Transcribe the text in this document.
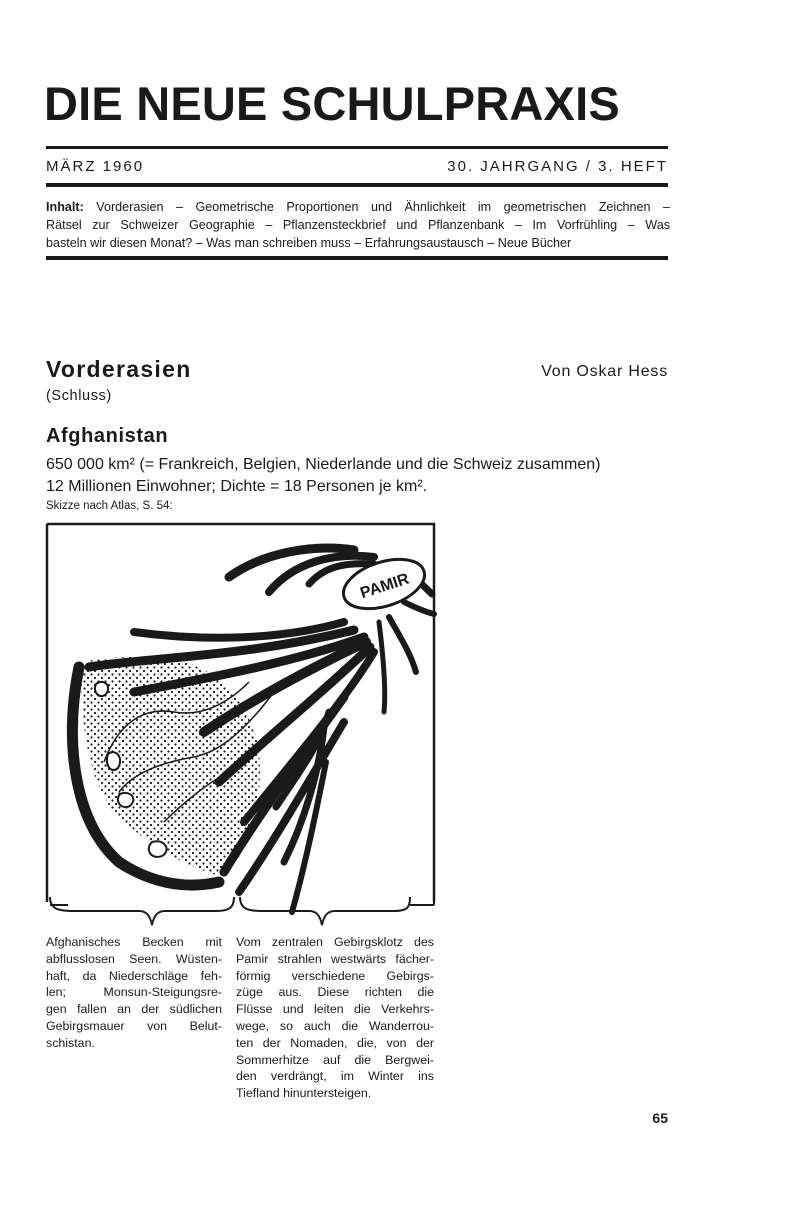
DIE NEUE SCHULPRAXIS
MÄRZ 1960	30. JAHRGANG / 3. HEFT
Inhalt: Vorderasien – Geometrische Proportionen und Ähnlichkeit im geometrischen Zeichnen –
Rätsel zur Schweizer Geographie – Pflanzensteckbrief und Pflanzenbank – Im Vorfrühling – Was
basteln wir diesen Monat? – Was man schreiben muss – Erfahrungsaustausch – Neue Bücher
Vorderasien	Von Oskar Hess
(Schluss)
Afghanistan
650 000 km² (= Frankreich, Belgien, Niederlande und die Schweiz zusammen)
12 Millionen Einwohner; Dichte = 18 Personen je km².
Skizze nach Atlas, S. 54:
PAMIR
Afghanisches Becken mit
abflusslosen Seen. Wüsten-
haft, da Niederschläge feh-
len; Monsun-Steigungsre-
gen fallen an der südlichen
Gebirgsmauer von Belut-
schistan.
Vom zentralen Gebirgsklotz des
Pamir strahlen westwärts fächer-
förmig verschiedene Gebirgs-
züge aus. Diese richten die
Flüsse und leiten die Verkehrs-
wege, so auch die Wanderrou-
ten der Nomaden, die, von der
Sommerhitze auf die Bergwei-
den verdrängt, im Winter ins
Tiefland hinuntersteigen.
65
